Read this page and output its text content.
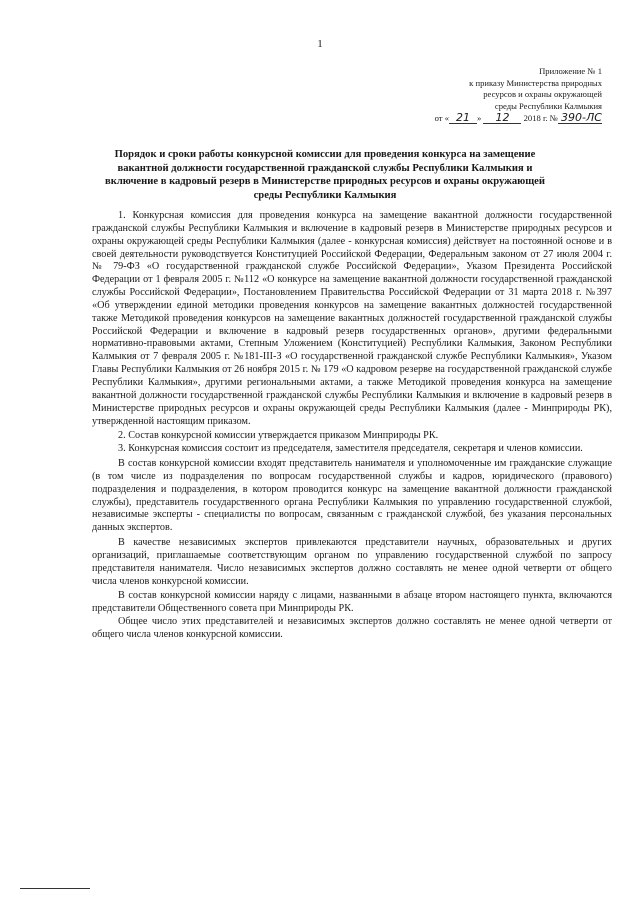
1
Приложение № 1
к приказу Министерства природных
ресурсов и охраны окружающей
среды Республики Калмыкия
от « 21 » 12 2018 г. № 390-ЛС
Порядок и сроки работы конкурсной комиссии для проведения конкурса на замещение вакантной должности государственной гражданской службы Республики Калмыкия и включение в кадровый резерв в Министерстве природных ресурсов и охраны окружающей среды Республики Калмыкия

1. Конкурсная комиссия для проведения конкурса на замещение вакантной должности государственной гражданской службы Республики Калмыкия и включение в кадровый резерв в Министерстве природных ресурсов и охраны окружающей среды Республики Калмыкия (далее - конкурсная комиссия) действует на постоянной основе и в своей деятельности руководствуется Конституцией Российской Федерации, Федеральным законом от 27 июля 2004 г. № 79-ФЗ «О государственной гражданской службе Российской Федерации», Указом Президента Российской Федерации от 1 февраля 2005 г. №112 «О конкурсе на замещение вакантной должности государственной гражданской службы Российской Федерации», Постановлением Правительства Российской Федерации от 31 марта 2018 г. №397 «Об утверждении единой методики проведения конкурсов на замещение вакантных должностей государственной также Методикой проведения конкурсов на замещение вакантных должностей государственной гражданской службы Российской Федерации и включение в кадровый резерв государственных органов», другими федеральными нормативно-правовыми актами, Степным Уложением (Конституцией) Республики Калмыкия, Законом Республики Калмыкия от 7 февраля 2005 г. №181-III-З «О государственной гражданской службе Республики Калмыкия», Указом Главы Республики Калмыкия от 26 ноября 2015 г. № 179 «О кадровом резерве на государственной гражданской службе Республики Калмыкия», другими региональными актами, а также Методикой проведения конкурса на замещение вакантной должности государственной гражданской службы Республики Калмыкия и включение в кадровый резерв в Министерстве природных ресурсов и охраны окружающей среды Республики Калмыкия (далее - Минприроды РК), утвержденной настоящим приказом.

2. Состав конкурсной комиссии утверждается приказом Минприроды РК.

3. Конкурсная комиссия состоит из председателя, заместителя председателя, секретаря и членов комиссии.

В состав конкурсной комиссии входят представитель нанимателя и уполномоченные им гражданские служащие (в том числе из подразделения по вопросам государственной службы и кадров, юридического (правового) подразделения и подразделения, в котором проводится конкурс на замещение вакантной должности гражданской службы), представитель государственного органа Республики Калмыкия по управлению государственной службой, независимые эксперты - специалисты по вопросам, связанным с гражданской службой, без указания персональных данных экспертов.

В качестве независимых экспертов привлекаются представители научных, образовательных и других организаций, приглашаемые соответствующим органом по управлению государственной службой по запросу представителя нанимателя. Число независимых экспертов должно составлять не менее одной четверти от общего числа членов конкурсной комиссии.

В состав конкурсной комиссии наряду с лицами, названными в абзаце втором настоящего пункта, включаются представители Общественного совета при Минприроды РК.

Общее число этих представителей и независимых экспертов должно составлять не менее одной четверти от общего числа членов конкурсной комиссии.
